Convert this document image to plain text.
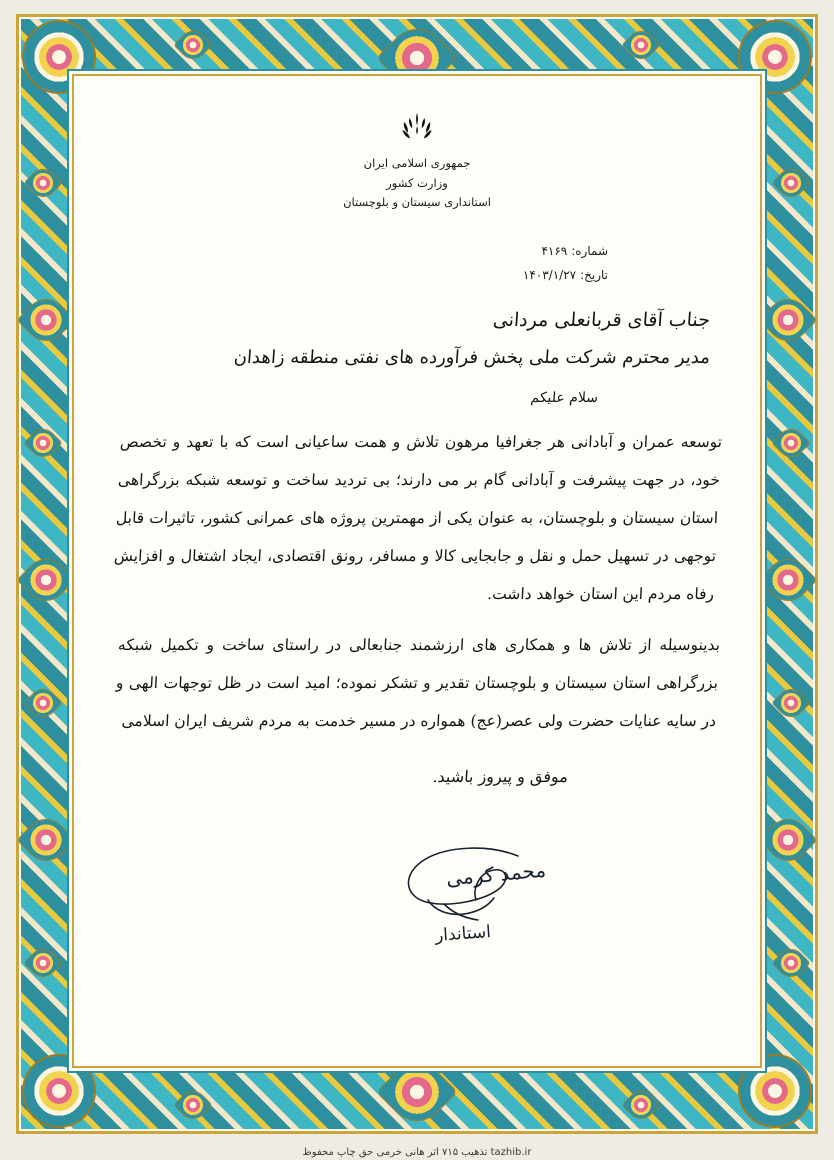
جمهوری اسلامی ایران
وزارت کشور
استانداری سیستان و بلوچستان
شماره:
۴۱۶۹
تاریخ:
۱۴۰۳/۱/۲۷

جناب آقای قربانعلی مردانی

مدیر محترم شرکت ملی پخش فرآورده های نفتی منطقه زاهدان

سلام علیکم

توسعه عمران و آبادانی هر جغرافیا مرهون تلاش و همت ساعیانی است که با تعهد و تخصص خود، در جهت پیشرفت و آبادانی گام بر می دارند؛ بی تردید ساخت و توسعه شبکه بزرگراهی استان سیستان و بلوچستان، به عنوان یکی از مهمترین پروژه های عمرانی کشور، تاثیرات قابل توجهی در تسهیل حمل و نقل و جابجایی کالا و مسافر، رونق اقتصادی، ایجاد اشتغال و افزایش رفاه مردم این استان خواهد داشت.

بدینوسیله از تلاش ها و همکاری های ارزشمند جنابعالی در راستای ساخت و تکمیل شبکه بزرگراهی استان سیستان و بلوچستان تقدیر و تشکر نموده؛ امید است در ظل توجهات الهی و در سایه عنایات حضرت ولی عصر(عج) همواره در مسیر خدمت به مردم شریف ایران اسلامی

موفق و پیروز باشید.

محمد کرمی
استاندار
tazhib.ir تذهیب ۷۱۵ اثر هانی خرمی حق چاپ محفوظ
